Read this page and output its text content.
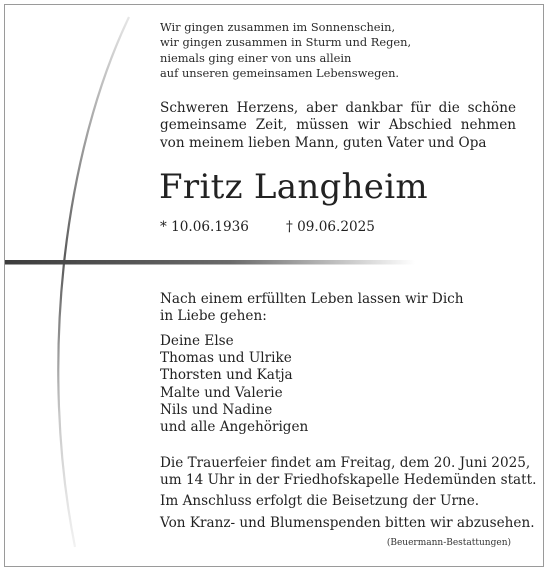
Wir gingen zusammen im Sonnenschein,
wir gingen zusammen in Sturm und Regen,
niemals ging einer von uns allein
auf unseren gemeinsamen Lebenswegen.
Schweren Herzens, aber dankbar für die schöne
gemeinsame Zeit, müssen wir Abschied nehmen
von meinem lieben Mann, guten Vater und Opa
Fritz Langheim
* 10.06.1936	† 09.06.2025
Nach einem erfüllten Leben lassen wir Dich
in Liebe gehen:
Deine Else
Thomas und Ulrike
Thorsten und Katja
Malte und Valerie
Nils und Nadine
und alle Angehörigen
Die Trauerfeier findet am Freitag, dem 20. Juni 2025,
um 14 Uhr in der Friedhofskapelle Hedemünden statt.
Im Anschluss erfolgt die Beisetzung der Urne.
Von Kranz- und Blumenspenden bitten wir abzusehen.
(Beuermann-Bestattungen)
